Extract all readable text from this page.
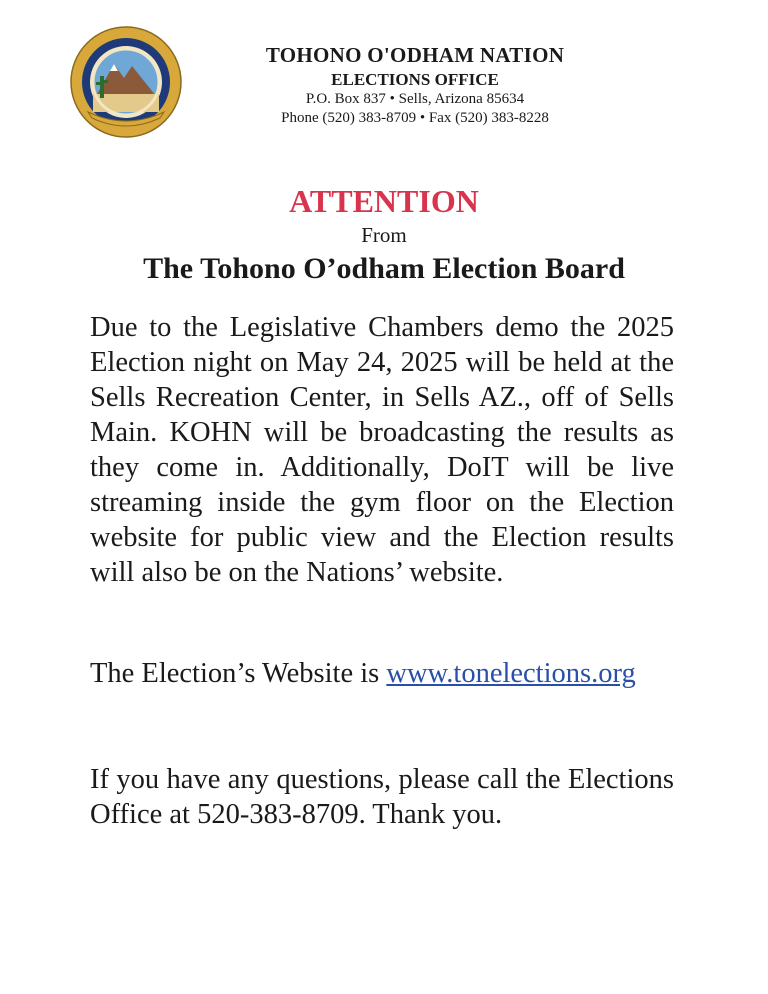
TOHONO O'ODHAM NATION
ELECTIONS OFFICE
P.O. Box 837 • Sells, Arizona 85634
Phone (520) 383-8709 • Fax (520) 383-8228
ATTENTION
From
The Tohono O’odham Election Board
Due to the Legislative Chambers demo the 2025 Election night on May 24, 2025 will be held at the Sells Recreation Center, in Sells AZ., off of Sells Main. KOHN will be broadcasting the results as they come in. Additionally, DoIT will be live streaming inside the gym floor on the Election website for public view and the Election results will also be on the Nations’ website.
The Election’s Website is www.tonelections.org
If you have any questions, please call the Elections Office at 520-383-8709. Thank you.
